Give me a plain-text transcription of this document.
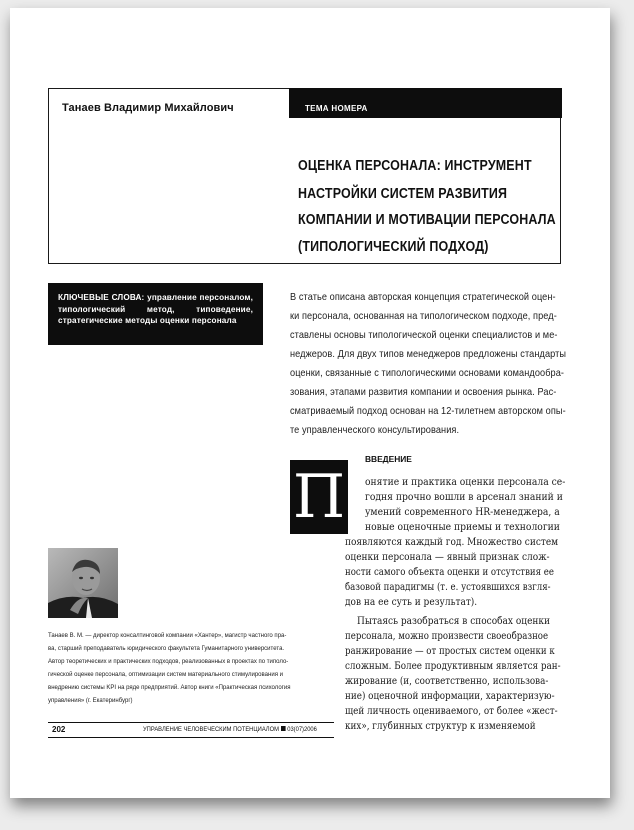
Танаев Владимир Михайлович	ТЕМА НОМЕРА
ОЦЕНКА ПЕРСОНАЛА: ИНСТРУМЕНТ
НАСТРОЙКИ СИСТЕМ РАЗВИТИЯ
КОМПАНИИ И МОТИВАЦИИ ПЕРСОНАЛА
(ТИПОЛОГИЧЕСКИЙ ПОДХОД)
КЛЮЧЕВЫЕ СЛОВА: управление персоналом, типологический метод, типоведение, стратегические методы оценки персонала
В статье описана авторская концепция стратегической оцен-
ки персонала, основанная на типологическом подходе, пред-
ставлены основы типологической оценки специалистов и ме-
неджеров. Для двух типов менеджеров предложены стандарты
оценки, связанные с типологическими основами командообра-
зования, этапами развития компании и освоения рынка. Рас-
сматриваемый подход основан на 12-тилетнем авторском опы-
те управленческого консультирования.
П
ВВЕДЕНИЕ
онятие и практика оценки персонала се-
годня прочно вошли в арсенал знаний и
умений современного HR-менеджера, а
новые оценочные приемы и технологии
появляются каждый год. Множество систем
оценки персонала — явный признак слож-
ности самого объекта оценки и отсутствия ее
базовой парадигмы (т. е. устоявшихся взгля-
дов на ее суть и результат).
Пытаясь разобраться в способах оценки
персонала, можно произвести своеобразное
ранжирование — от простых систем оценки к
сложным. Более продуктивным является ран-
жирование (и, соответственно, использова-
ние) оценочной информации, характеризую-
щей личность оцениваемого, от более «жест-
ких», глубинных структур к изменяемой
Танаев В. М. — директор консалтинговой компании «Хантер», магистр частного пра-
ва, старший преподаватель юридического факультета Гуманитарного университета.
Автор теоретических и практических подходов, реализованных в проектах по типоло-
гической оценке персонала, оптимизации систем материального стимулирования и
внедрению системы KPI на ряде предприятий. Автор книги «Практическая психология
управления» (г. Екатеринбург)
202	УПРАВЛЕНИЕ ЧЕЛОВЕЧЕСКИМ ПОТЕНЦИАЛОМ 03(07)2006
